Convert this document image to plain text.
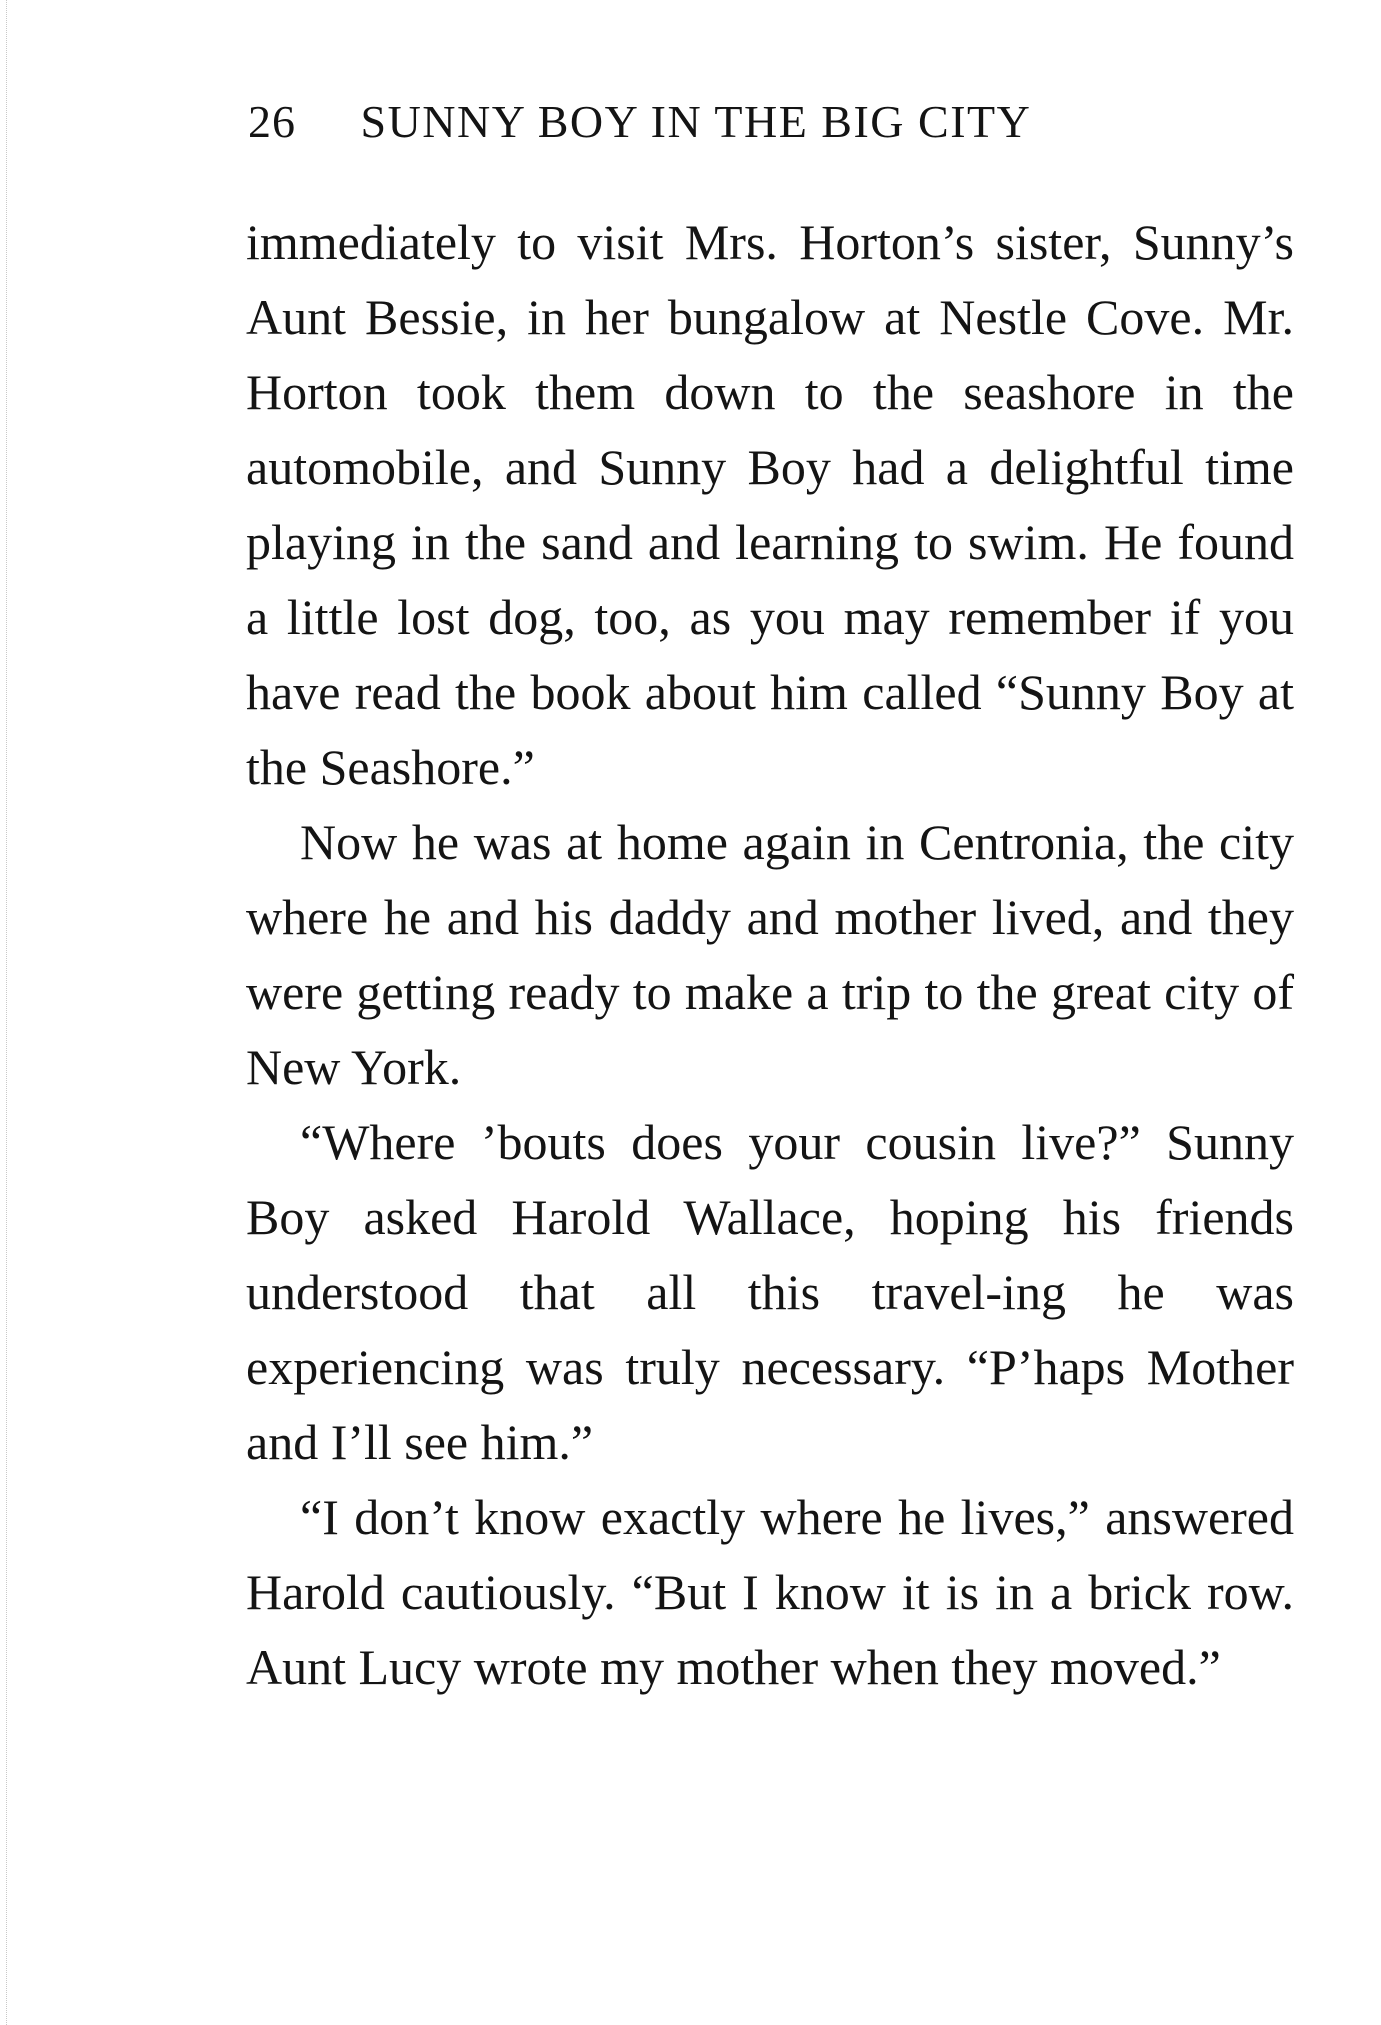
26 SUNNY BOY IN THE BIG CITY

immediately to visit Mrs. Horton’s sister, Sunny’s Aunt Bessie, in her bungalow at Nestle Cove. Mr. Horton took them down to the seashore in the automobile, and Sunny Boy had a delightful time playing in the sand and learning to swim. He found a little lost dog, too, as you may remember if you have read the book about him called “Sunny Boy at the Seashore.”

Now he was at home again in Centronia, the city where he and his daddy and mother lived, and they were getting ready to make a trip to the great city of New York.

“Where ’bouts does your cousin live?” Sunny Boy asked Harold Wallace, hoping his friends understood that all this travel-ing he was experiencing was truly necessary. “P’haps Mother and I’ll see him.”

“I don’t know exactly where he lives,” answered Harold cautiously. “But I know it is in a brick row. Aunt Lucy wrote my mother when they moved.”
